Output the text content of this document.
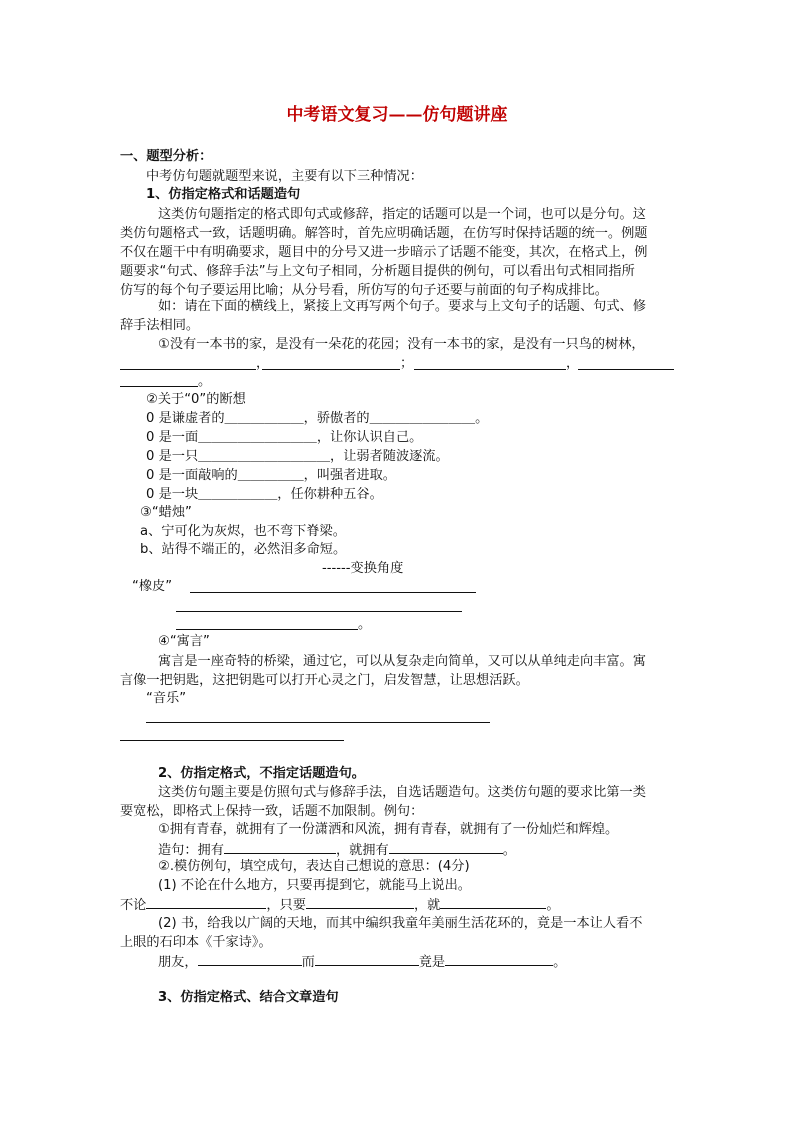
中考语文复习——仿句题讲座
一、题型分析：
中考仿句题就题型来说，主要有以下三种情况：
1、仿指定格式和话题造句
这类仿句题指定的格式即句式或修辞，指定的话题可以是一个词，也可以是分句。这
类仿句题格式一致，话题明确。解答时，首先应明确话题，在仿写时保持话题的统一。例题
不仅在题干中有明确要求，题目中的分号又进一步暗示了话题不能变，其次，在格式上，例
题要求“句式、修辞手法”与上文句子相同，分析题目提供的例句，可以看出句式相同指所
仿写的每个句子要运用比喻；从分号看，所仿写的句子还要与前面的句子构成排比。
如：请在下面的横线上，紧接上文再写两个句子。要求与上文句子的话题、句式、修
辞手法相同。
①没有一本书的家，是没有一朵花的花园；没有一本书的家，是没有一只鸟的树林，
，	；	，
。
②关于“0”的断想
0 是谦虚者的＿＿＿＿＿＿，骄傲者的＿＿＿＿＿＿＿＿。
0 是一面＿＿＿＿＿＿＿＿＿，让你认识自己。
0 是一只＿＿＿＿＿＿＿＿＿＿，让弱者随波逐流。
0 是一面敲响的＿＿＿＿＿，叫强者进取。
0 是一块＿＿＿＿＿＿，任你耕种五谷。
③“蜡烛”
a、宁可化为灰烬，也不弯下脊梁。
b、站得不端正的，必然泪多命短。
------变换角度
“橡皮”
。
④“寓言”
寓言是一座奇特的桥梁，通过它，可以从复杂走向简单，又可以从单纯走向丰富。寓
言像一把钥匙，这把钥匙可以打开心灵之门，启发智慧，让思想活跃。
“音乐”
2、仿指定格式，不指定话题造句。
这类仿句题主要是仿照句式与修辞手法，自选话题造句。这类仿句题的要求比第一类
要宽松，即格式上保持一致，话题不加限制。例句：
①拥有青春，就拥有了一份潇洒和风流，拥有青春，就拥有了一份灿烂和辉煌。
造句：拥有	，就拥有	。
②.模仿例句，填空成句，表达自己想说的意思：(4分)
(1) 不论在什么地方，只要再提到它，就能马上说出。
不论	，只要	，就	。
(2) 书，给我以广阔的天地，而其中编织我童年美丽生活花环的，竟是一本让人看不
上眼的石印本《千家诗》。
朋友，	而	竟是	。
3、仿指定格式、结合文章造句
